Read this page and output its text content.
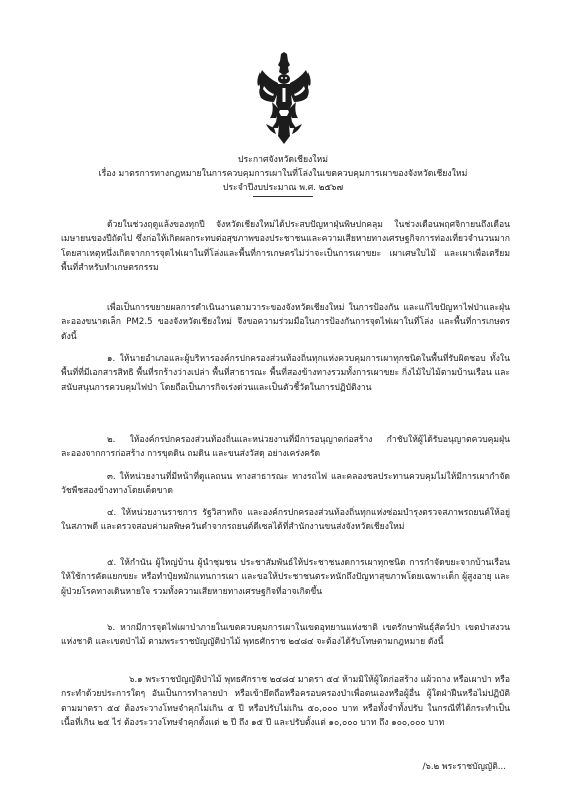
ประกาศจังหวัดเชียงใหม่
เรื่อง มาตรการทางกฎหมายในการควบคุมการเผาในที่โล่งในเขตควบคุมการเผาของจังหวัดเชียงใหม่
ประจำปีงบประมาณ พ.ศ. ๒๕๖๗
ด้วยในช่วงฤดูแล้งของทุกปี จังหวัดเชียงใหม่ได้ประสบปัญหาฝุ่นพิษปกคลุม ในช่วงเดือนพฤศจิกายนถึงเดือนเมษายนของปีถัดไป ซึ่งก่อให้เกิดผลกระทบต่อสุขภาพของประชาชนและความเสียหายทางเศรษฐกิจการท่องเที่ยวจำนวนมาก โดยสาเหตุหนึ่งเกิดจากการจุดไฟเผาในที่โล่งและพื้นที่การเกษตรไม่ว่าจะเป็นการเผาขยะ เผาเศษใบไม้ และเผาเพื่อเตรียมพื้นที่สำหรับทำเกษตรกรรม
เพื่อเป็นการขยายผลการดำเนินงานตามวาระของจังหวัดเชียงใหม่ ในการป้องกัน และแก้ไขปัญหาไฟป่าและฝุ่นละอองขนาดเล็ก PM2.5 ของจังหวัดเชียงใหม่ จึงขอความร่วมมือในการป้องกันการจุดไฟเผาในที่โล่ง และพื้นที่การเกษตร ดังนี้
๑. ให้นายอำเภอและผู้บริหารองค์กรปกครองส่วนท้องถิ่นทุกแห่งควบคุมการเผาทุกชนิดในพื้นที่รับผิดชอบ ทั้งในพื้นที่ที่มีเอกสารสิทธิ พื้นที่รกร้างว่างเปล่า พื้นที่สาธารณะ พื้นที่สองข้างทางรวมทั้งการเผาขยะ กิ่งไม้ใบไม้ตามบ้านเรือน และสนับสนุนการควบคุมไฟป่า โดยถือเป็นภารกิจเร่งด่วนและเป็นตัวชี้วัดในการปฏิบัติงาน
๒. ให้องค์กรปกครองส่วนท้องถิ่นและหน่วยงานที่มีการอนุญาตก่อสร้าง กำชับให้ผู้ได้รับอนุญาตควบคุมฝุ่นละอองจากการก่อสร้าง การขุดดิน ถมดิน และขนส่งวัสดุ อย่างเคร่งครัด
๓. ให้หน่วยงานที่มีหน้าที่ดูแลถนน ทางสาธารณะ ทางรถไฟ และคลองชลประทานควบคุมไม่ให้มีการเผากำจัดวัชพืชสองข้างทางโดยเด็ดขาด
๔. ให้หน่วยงานราชการ รัฐวิสาหกิจ และองค์กรปกครองส่วนท้องถิ่นทุกแห่งซ่อมบำรุงตรวจสภาพรถยนต์ให้อยู่ในสภาพดี และตรวจสอบค่ามลพิษควันดำจากรถยนต์ดีเซลได้ที่สำนักงานขนส่งจังหวัดเชียงใหม่
๕. ให้กำนัน ผู้ใหญ่บ้าน ผู้นำชุมชน ประชาสัมพันธ์ให้ประชาชนงดการเผาทุกชนิด การกำจัดขยะจากบ้านเรือนให้ใช้การคัดแยกขยะ หรือทำปุ๋ยหมักแทนการเผา และขอให้ประชาชนตระหนักถึงปัญหาสุขภาพโดยเฉพาะเด็ก ผู้สูงอายุ และผู้ป่วยโรคทางเดินหายใจ รวมทั้งความเสียหายทางเศรษฐกิจที่อาจเกิดขึ้น
๖. หากมีการจุดไฟเผาป่าภายในเขตควบคุมการเผาในเขตอุทยานแห่งชาติ เขตรักษาพันธุ์สัตว์ป่า เขตป่าสงวนแห่งชาติ และเขตป่าไม้ ตามพระราชบัญญัติป่าไม้ พุทธศักราช ๒๔๘๔ จะต้องได้รับโทษตามกฎหมาย ดังนี้
๖.๑ พระราชบัญญัติป่าไม้ พุทธศักราช ๒๔๘๔ มาตรา ๕๔ ห้ามมิให้ผู้ใดก่อสร้าง แผ้วถาง หรือเผาป่า หรือกระทำด้วยประการใดๆ อันเป็นการทำลายป่า หรือเข้ายึดถือหรือครอบครองป่าเพื่อตนเองหรือผู้อื่น ผู้ใดฝ่าฝืนหรือไม่ปฏิบัติตามมาตรา ๕๔ ต้องระวางโทษจำคุกไม่เกิน ๕ ปี หรือปรับไม่เกิน ๕๐,๐๐๐ บาท หรือทั้งจำทั้งปรับ ในกรณีที่ได้กระทำเป็นเนื้อที่เกิน ๒๕ ไร่ ต้องระวางโทษจำคุกตั้งแต่ ๒ ปี ถึง ๑๕ ปี และปรับตั้งแต่ ๑๐,๐๐๐ บาท ถึง ๑๐๐,๐๐๐ บาท
/๖.๒ พระราชบัญญัติ...
